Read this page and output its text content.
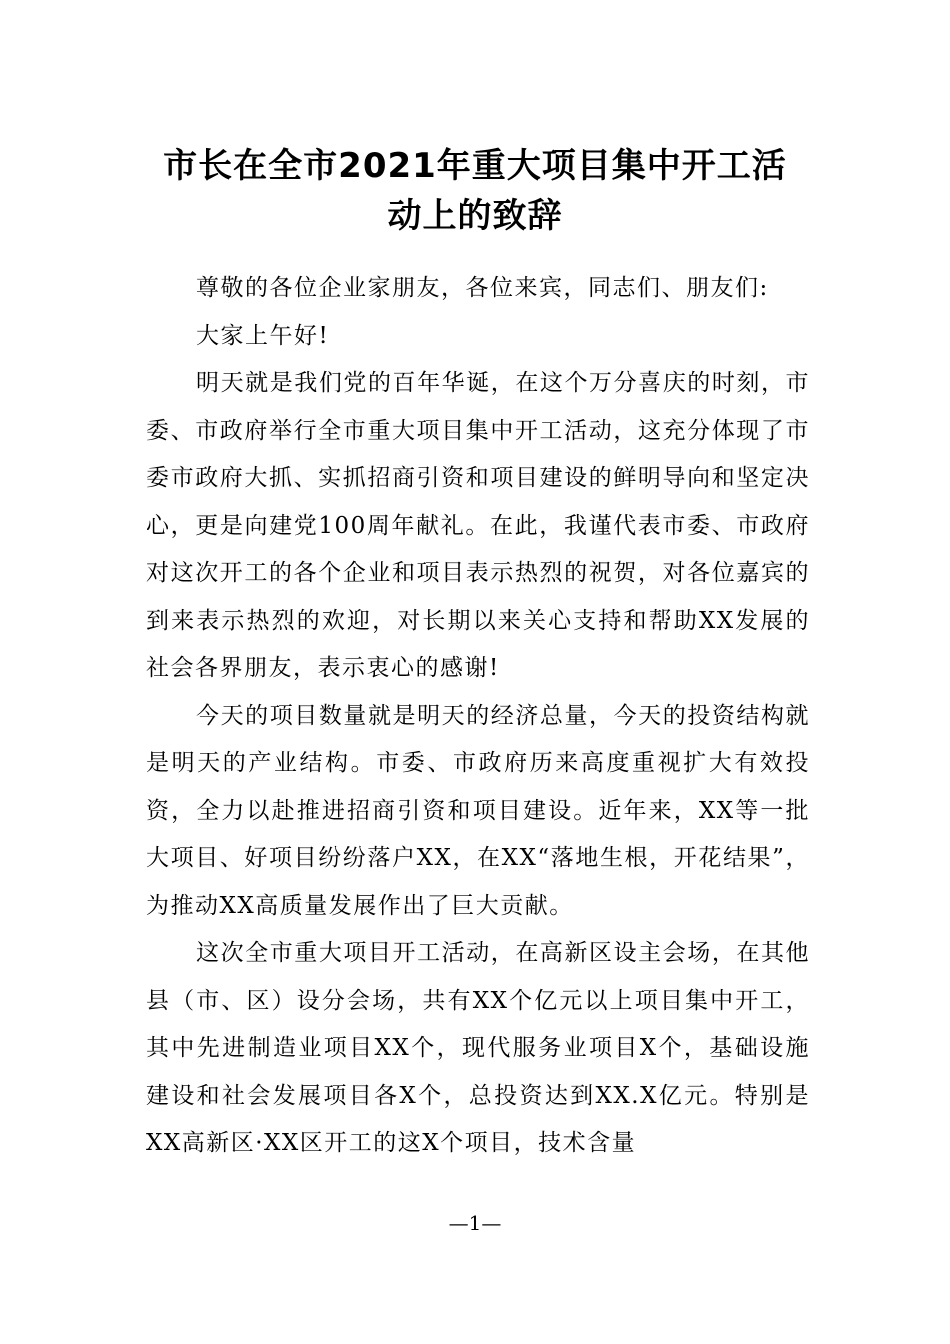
市长在全市2021年重大项目集中开工活
动上的致辞

尊敬的各位企业家朋友，各位来宾，同志们、朋友们:

大家上午好!

明天就是我们党的百年华诞，在这个万分喜庆的时刻，市委、市政府举行全市重大项目集中开工活动，这充分体现了市委市政府大抓、实抓招商引资和项目建设的鲜明导向和坚定决心，更是向建党100周年献礼。在此，我谨代表市委、市政府对这次开工的各个企业和项目表示热烈的祝贺，对各位嘉宾的到来表示热烈的欢迎，对长期以来关心支持和帮助XX发展的社会各界朋友，表示衷心的感谢!

今天的项目数量就是明天的经济总量，今天的投资结构就是明天的产业结构。市委、市政府历来高度重视扩大有效投资，全力以赴推进招商引资和项目建设。近年来，XX等一批大项目、好项目纷纷落户XX，在XX“落地生根，开花结果”，为推动XX高质量发展作出了巨大贡献。

这次全市重大项目开工活动，在高新区设主会场，在其他县（市、区）设分会场，共有XX个亿元以上项目集中开工，其中先进制造业项目XX个，现代服务业项目X个，基础设施建设和社会发展项目各X个，总投资达到XX.X亿元。特别是XX高新区·XX区开工的这X个项目，技术含量

—1—
